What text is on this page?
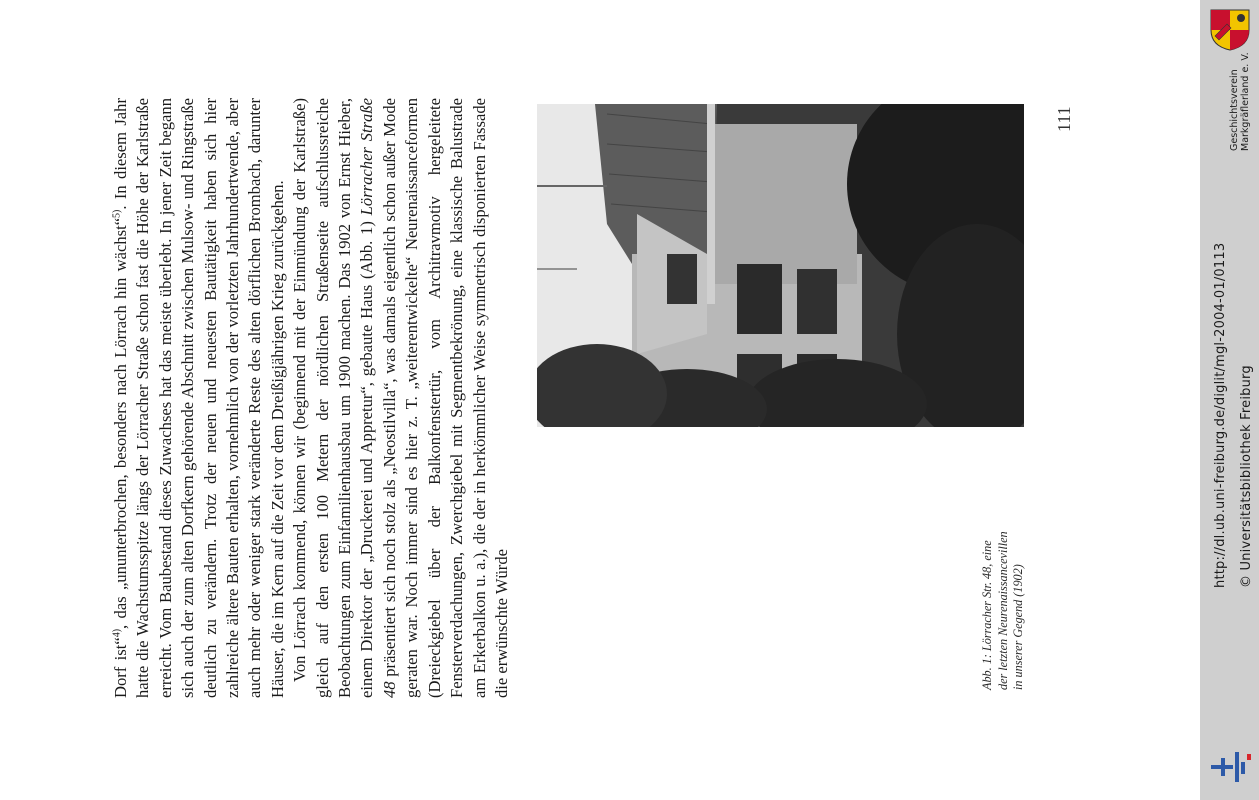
Dorf ist“$^{4)}$, das „ununterbrochen, besonders nach Lörrach hin wächst“$^{5)}$. In diesem Jahr hatte die Wachstumsspitze längs der Lörracher Straße schon fast die Höhe der Karlstraße erreicht. Vom Baubestand dieses Zuwachses hat das meiste überlebt. In jener Zeit begann sich auch der zum alten Dorfkern gehörende Abschnitt zwischen Mulsow- und Ringstraße deutlich zu verändern. Trotz der neuen und neuesten Bautätigkeit haben sich hier zahlreiche ältere Bauten erhalten, vornehmlich von der vorletzten Jahrhundertwende, aber auch mehr oder weniger stark veränderte Reste des alten dörflichen Brombach, darunter Häuser, die im Kern auf die Zeit vor dem Dreißigjährigen Krieg zurückgehen. Von Lörrach kommend, können wir (beginnend mit der Einmündung der Karlstraße) gleich auf den ersten 100 Metern der nördlichen Straßenseite aufschlussreiche Beobachtungen zum Einfamilienhausbau um 1900 machen. Das 1902 von Ernst Hieber, einem Direktor der „Druckerei und Appretur“, gebaute Haus (Abb. 1) Lörracher Straße 48 präsentiert sich noch stolz als „Neostilvilla“, was damals eigentlich schon außer Mode geraten war. Noch immer sind es hier z. T. „weiterentwickelte“ Neurenaissanceformen (Dreieckgiebel über der Balkonfenstertür, vom Architravmotiv hergeleitete Fensterverdachungen, Zwerchgiebel mit Segmentbekrönung, eine klassische Balustrade am Erkerbalkon u. a.), die der in herkömmlicher Weise symmetrisch disponierten Fassade die erwünschte Würde	Abb. 1: Lörracher Str. 48, eine der letzten Neurenaissancevillen in unserer Gegend (1902)
111
http://dl.ub.uni-freiburg.de/diglit/mgl-2004-01/0113 © Universitätsbibliothek Freiburg
Geschichtsverein Markgräflerland e. V.
